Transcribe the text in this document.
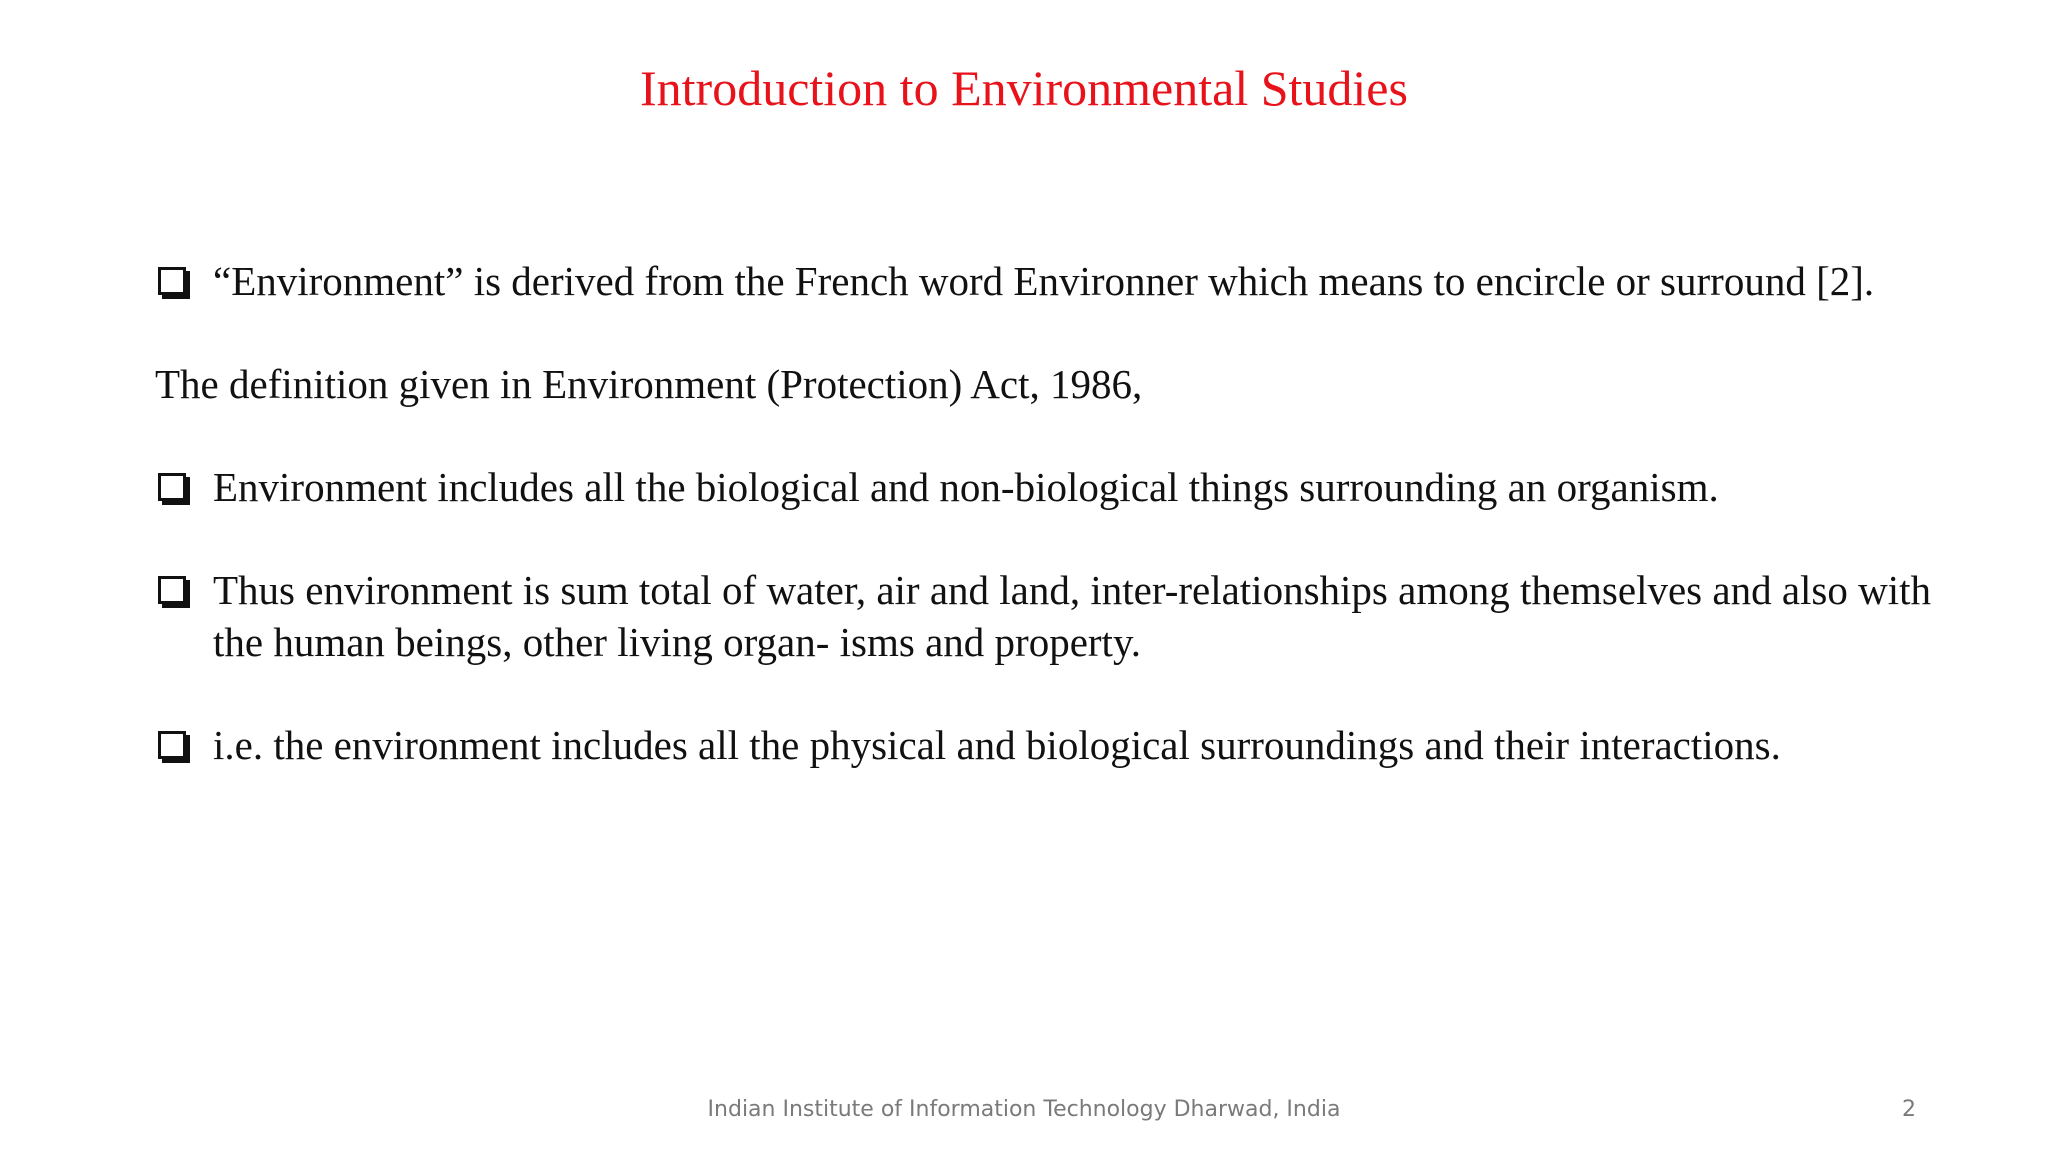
Introduction to Environmental Studies
“Environment” is derived from the French word Environner which means to encircle or surround [2].
The definition given in Environment (Protection) Act, 1986,
Environment includes all the biological and non-biological things surrounding an organism.
Thus environment is sum total of water, air and land, inter-relationships among themselves and also with the human beings, other living organ- isms and property.
i.e. the environment includes all the physical and biological surroundings and their interactions.
Indian Institute of Information Technology Dharwad, India	2
